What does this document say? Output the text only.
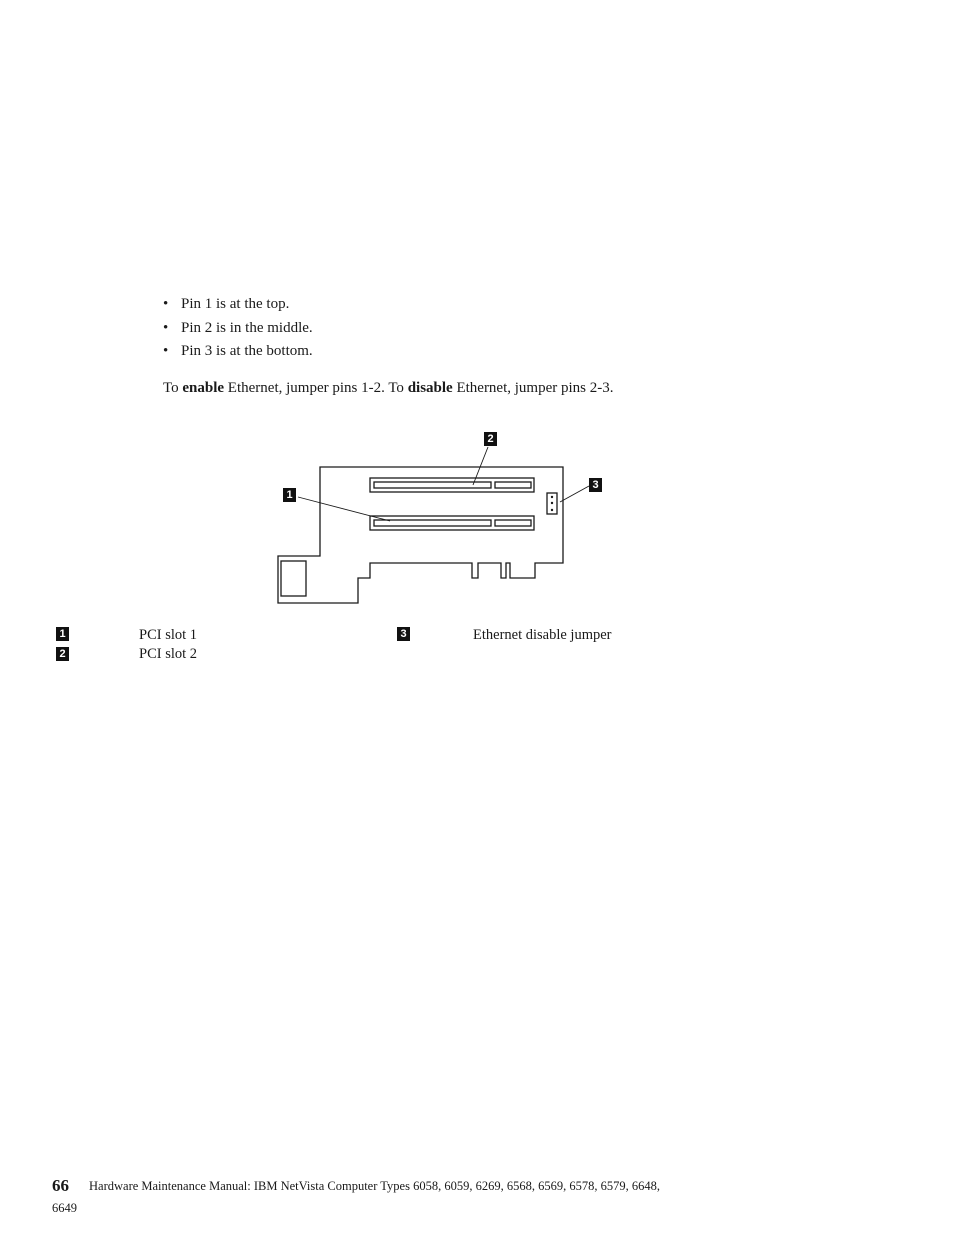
• Pin 1 is at the top.
• Pin 2 is in the middle.
• Pin 3 is at the bottom.

To enable Ethernet, jumper pins 1-2. To disable Ethernet, jumper pins 2-3.

1
2
3
1	PCI slot 1
2	PCI slot 2
3	Ethernet disable jumper
66 Hardware Maintenance Manual: IBM NetVista Computer Types 6058, 6059, 6269, 6568, 6569, 6578, 6579, 6648,
6649
